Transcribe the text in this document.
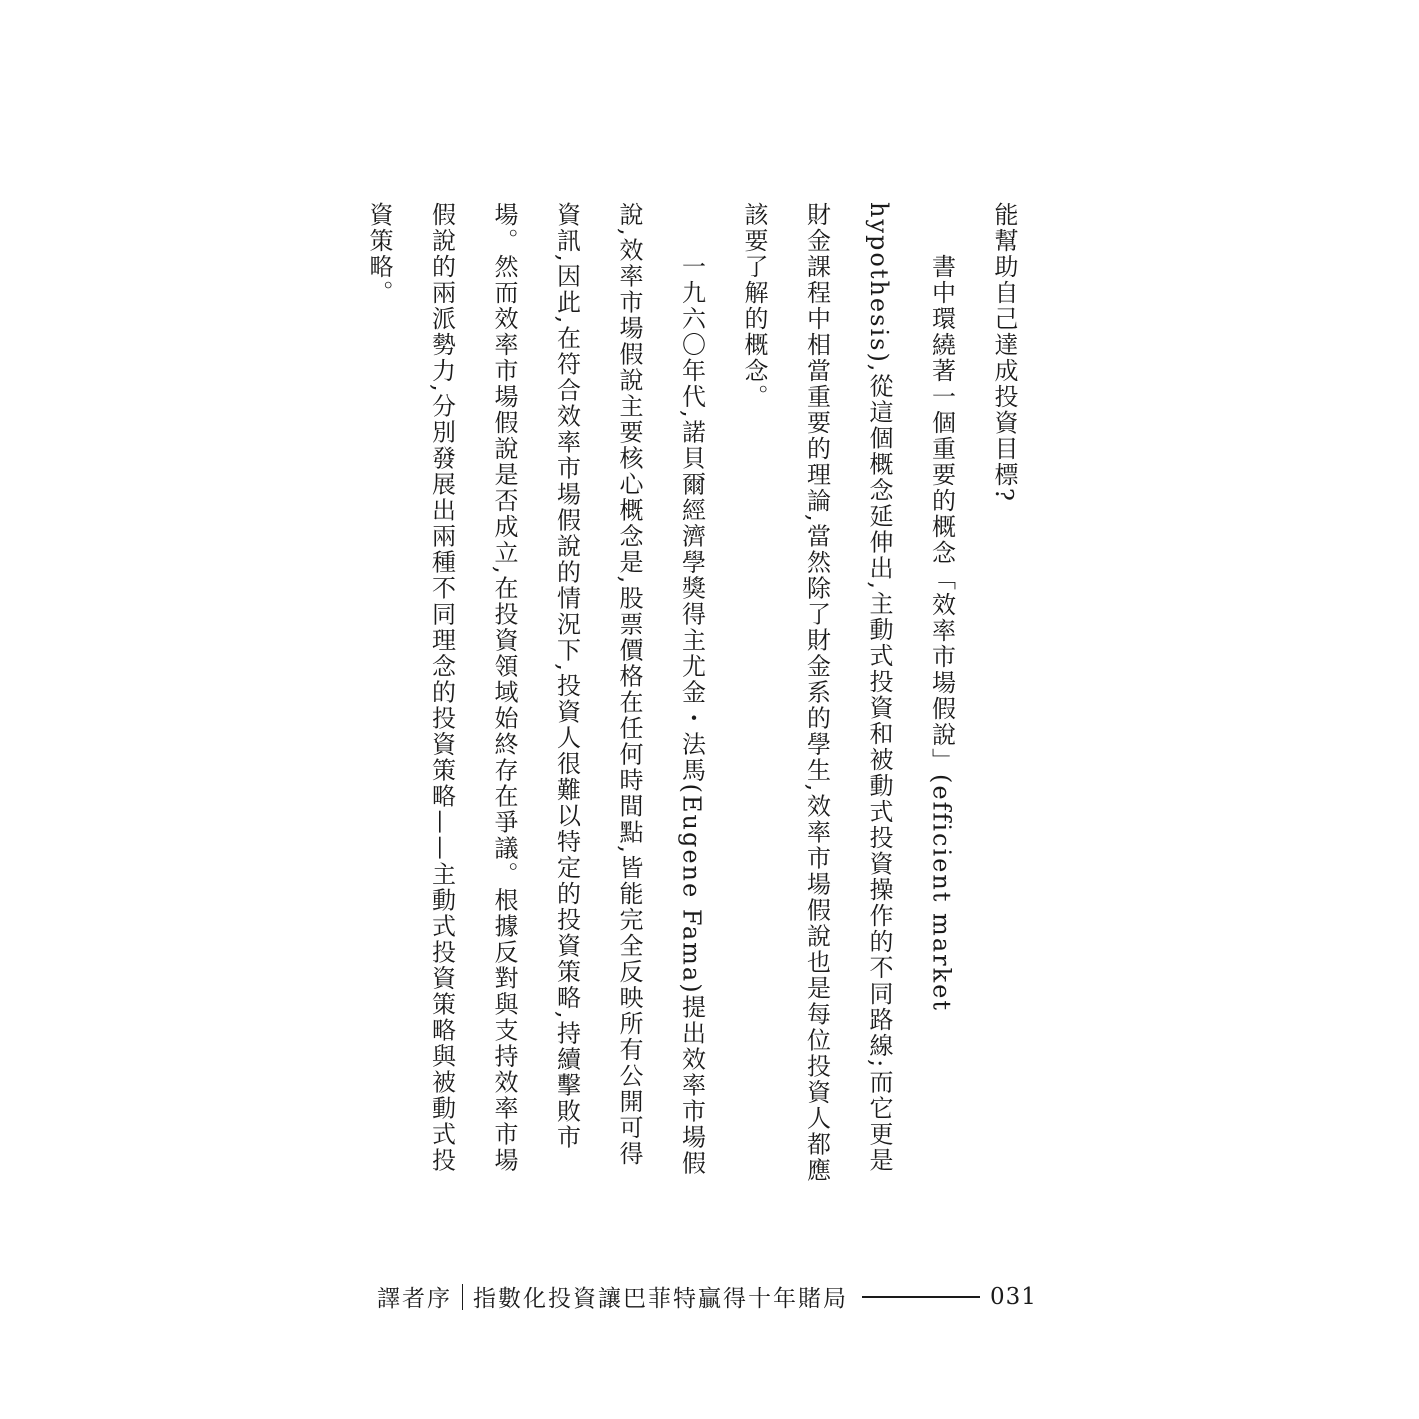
能幫助自己達成投資目標?

書中環繞著一個重要的概念「效率市場假說」(efficient market hypothesis),從這個概念延伸出,主動式投資和被動式投資操作的不同路線;而它更是財金課程中相當重要的理論,當然除了財金系的學生,效率市場假說也是每位投資人都應該要了解的概念。

一九六〇年代,諾貝爾經濟學獎得主尤金・法馬(Eugene Fama)提出效率市場假說,效率市場假說主要核心概念是,股票價格在任何時間點,皆能完全反映所有公開可得資訊,因此,在符合效率市場假說的情況下,投資人很難以特定的投資策略,持續擊敗市場。然而效率市場假說是否成立,在投資領域始終存在爭議。根據反對與支持效率市場假說的兩派勢力,分別發展出兩種不同理念的投資策略——主動式投資策略與被動式投資策略。

譯者序 指數化投資讓巴菲特贏得十年賭局	031
